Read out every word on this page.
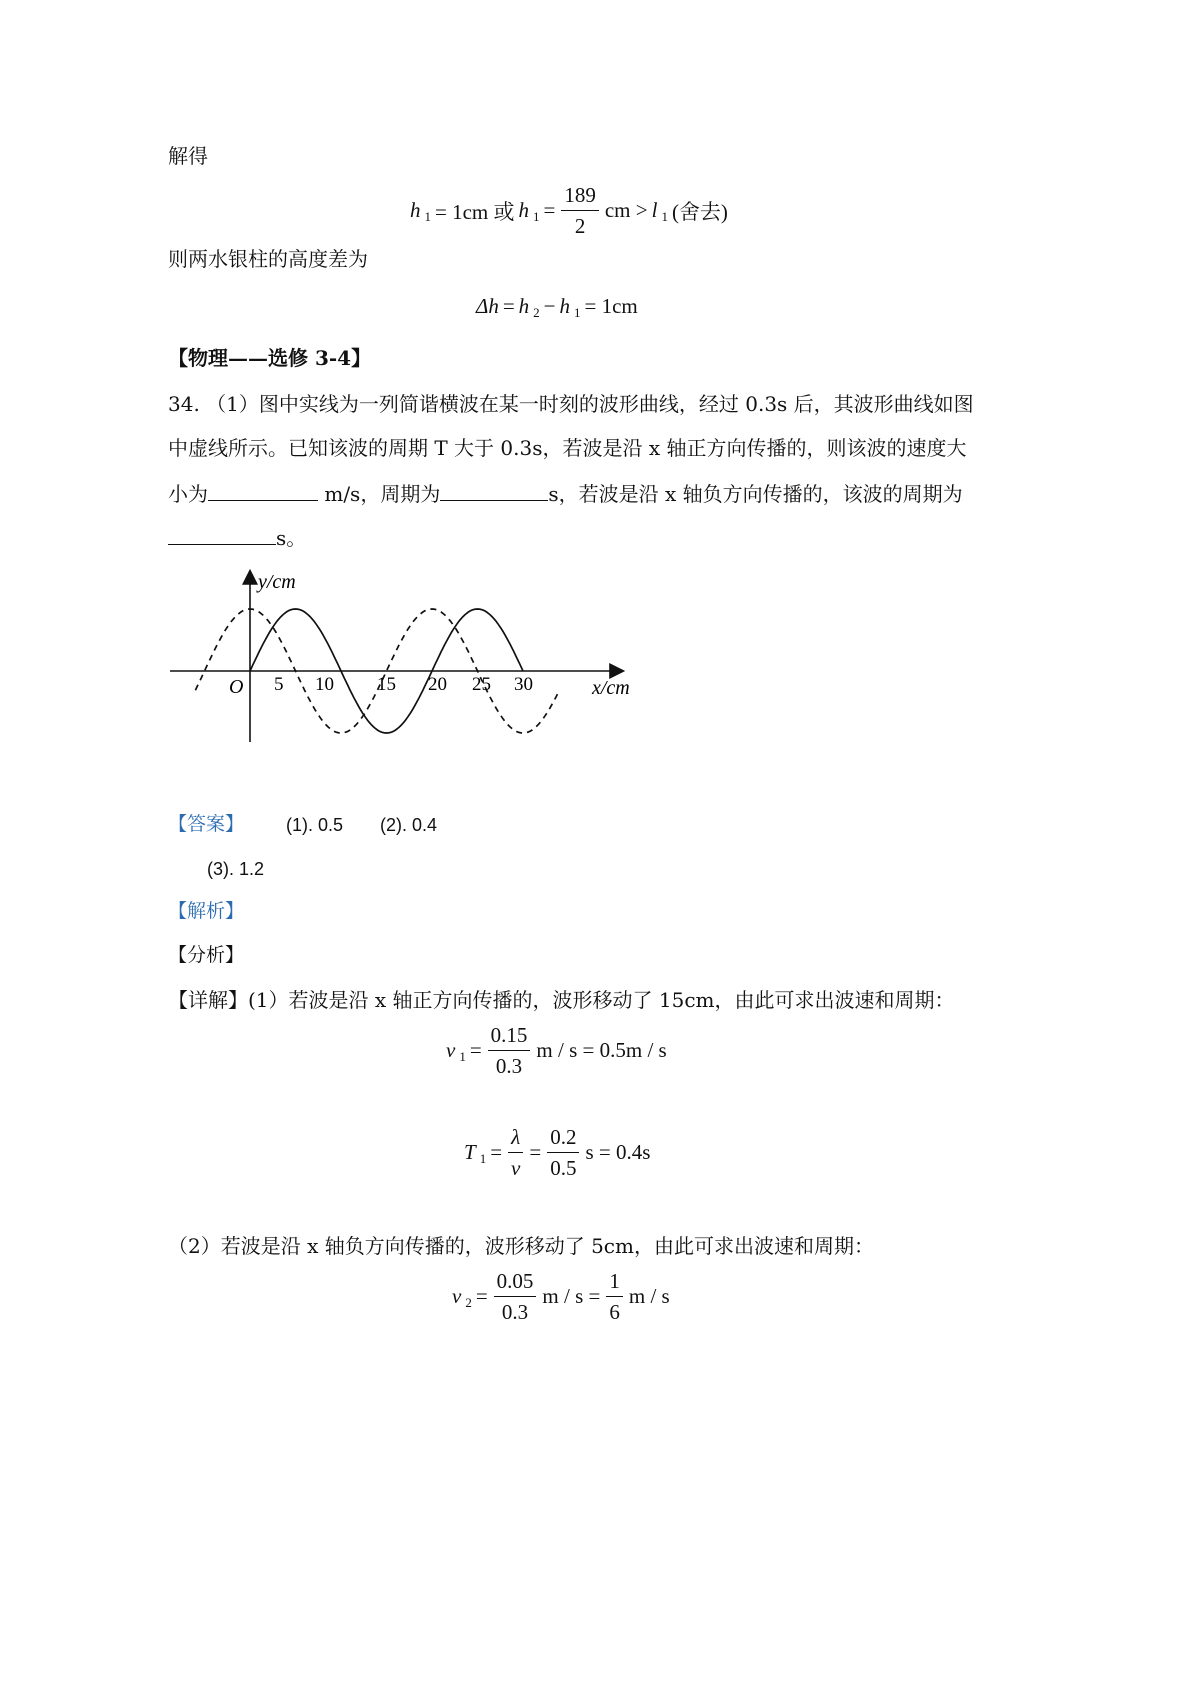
解得
h 1 = 1cm 或 h $1 = \frac{189}{2}$ cm > l 1 (舍去)
则两水银柱的高度差为
Δh = h 2 − h 1 = 1cm
【物理——选修 3-4】
34. （1）图中实线为一列简谐横波在某一时刻的波形曲线，经过 0.3s 后，其波形曲线如图
中虚线所示。已知该波的周期 T 大于 0.3s，若波是沿 x 轴正方向传播的，则该波的速度大
小为	m/s，周期为	s，若波是沿 x 轴负方向传播的，该波的周期为
s。
y/cm
x/cm
O 5 10 15 20 25 30
【答案】 (1). 0.5 (2). 0.4
(3). 1.2
【解析】
【分析】
【详解】(1）若波是沿 x 轴正方向传播的，波形移动了 15cm，由此可求出波速和周期：
v $1 = \frac{0.15}{0.3}$ m / s = 0.5m / s
T $1 = \frac{\lambda}{v} = \frac{0.2}{0.5}$ s = 0.4s
（2）若波是沿 x 轴负方向传播的，波形移动了 5cm，由此可求出波速和周期：
v $2 = \frac{0.05}{0.3}$ $m / s = \frac{1}{6}$ m / s
